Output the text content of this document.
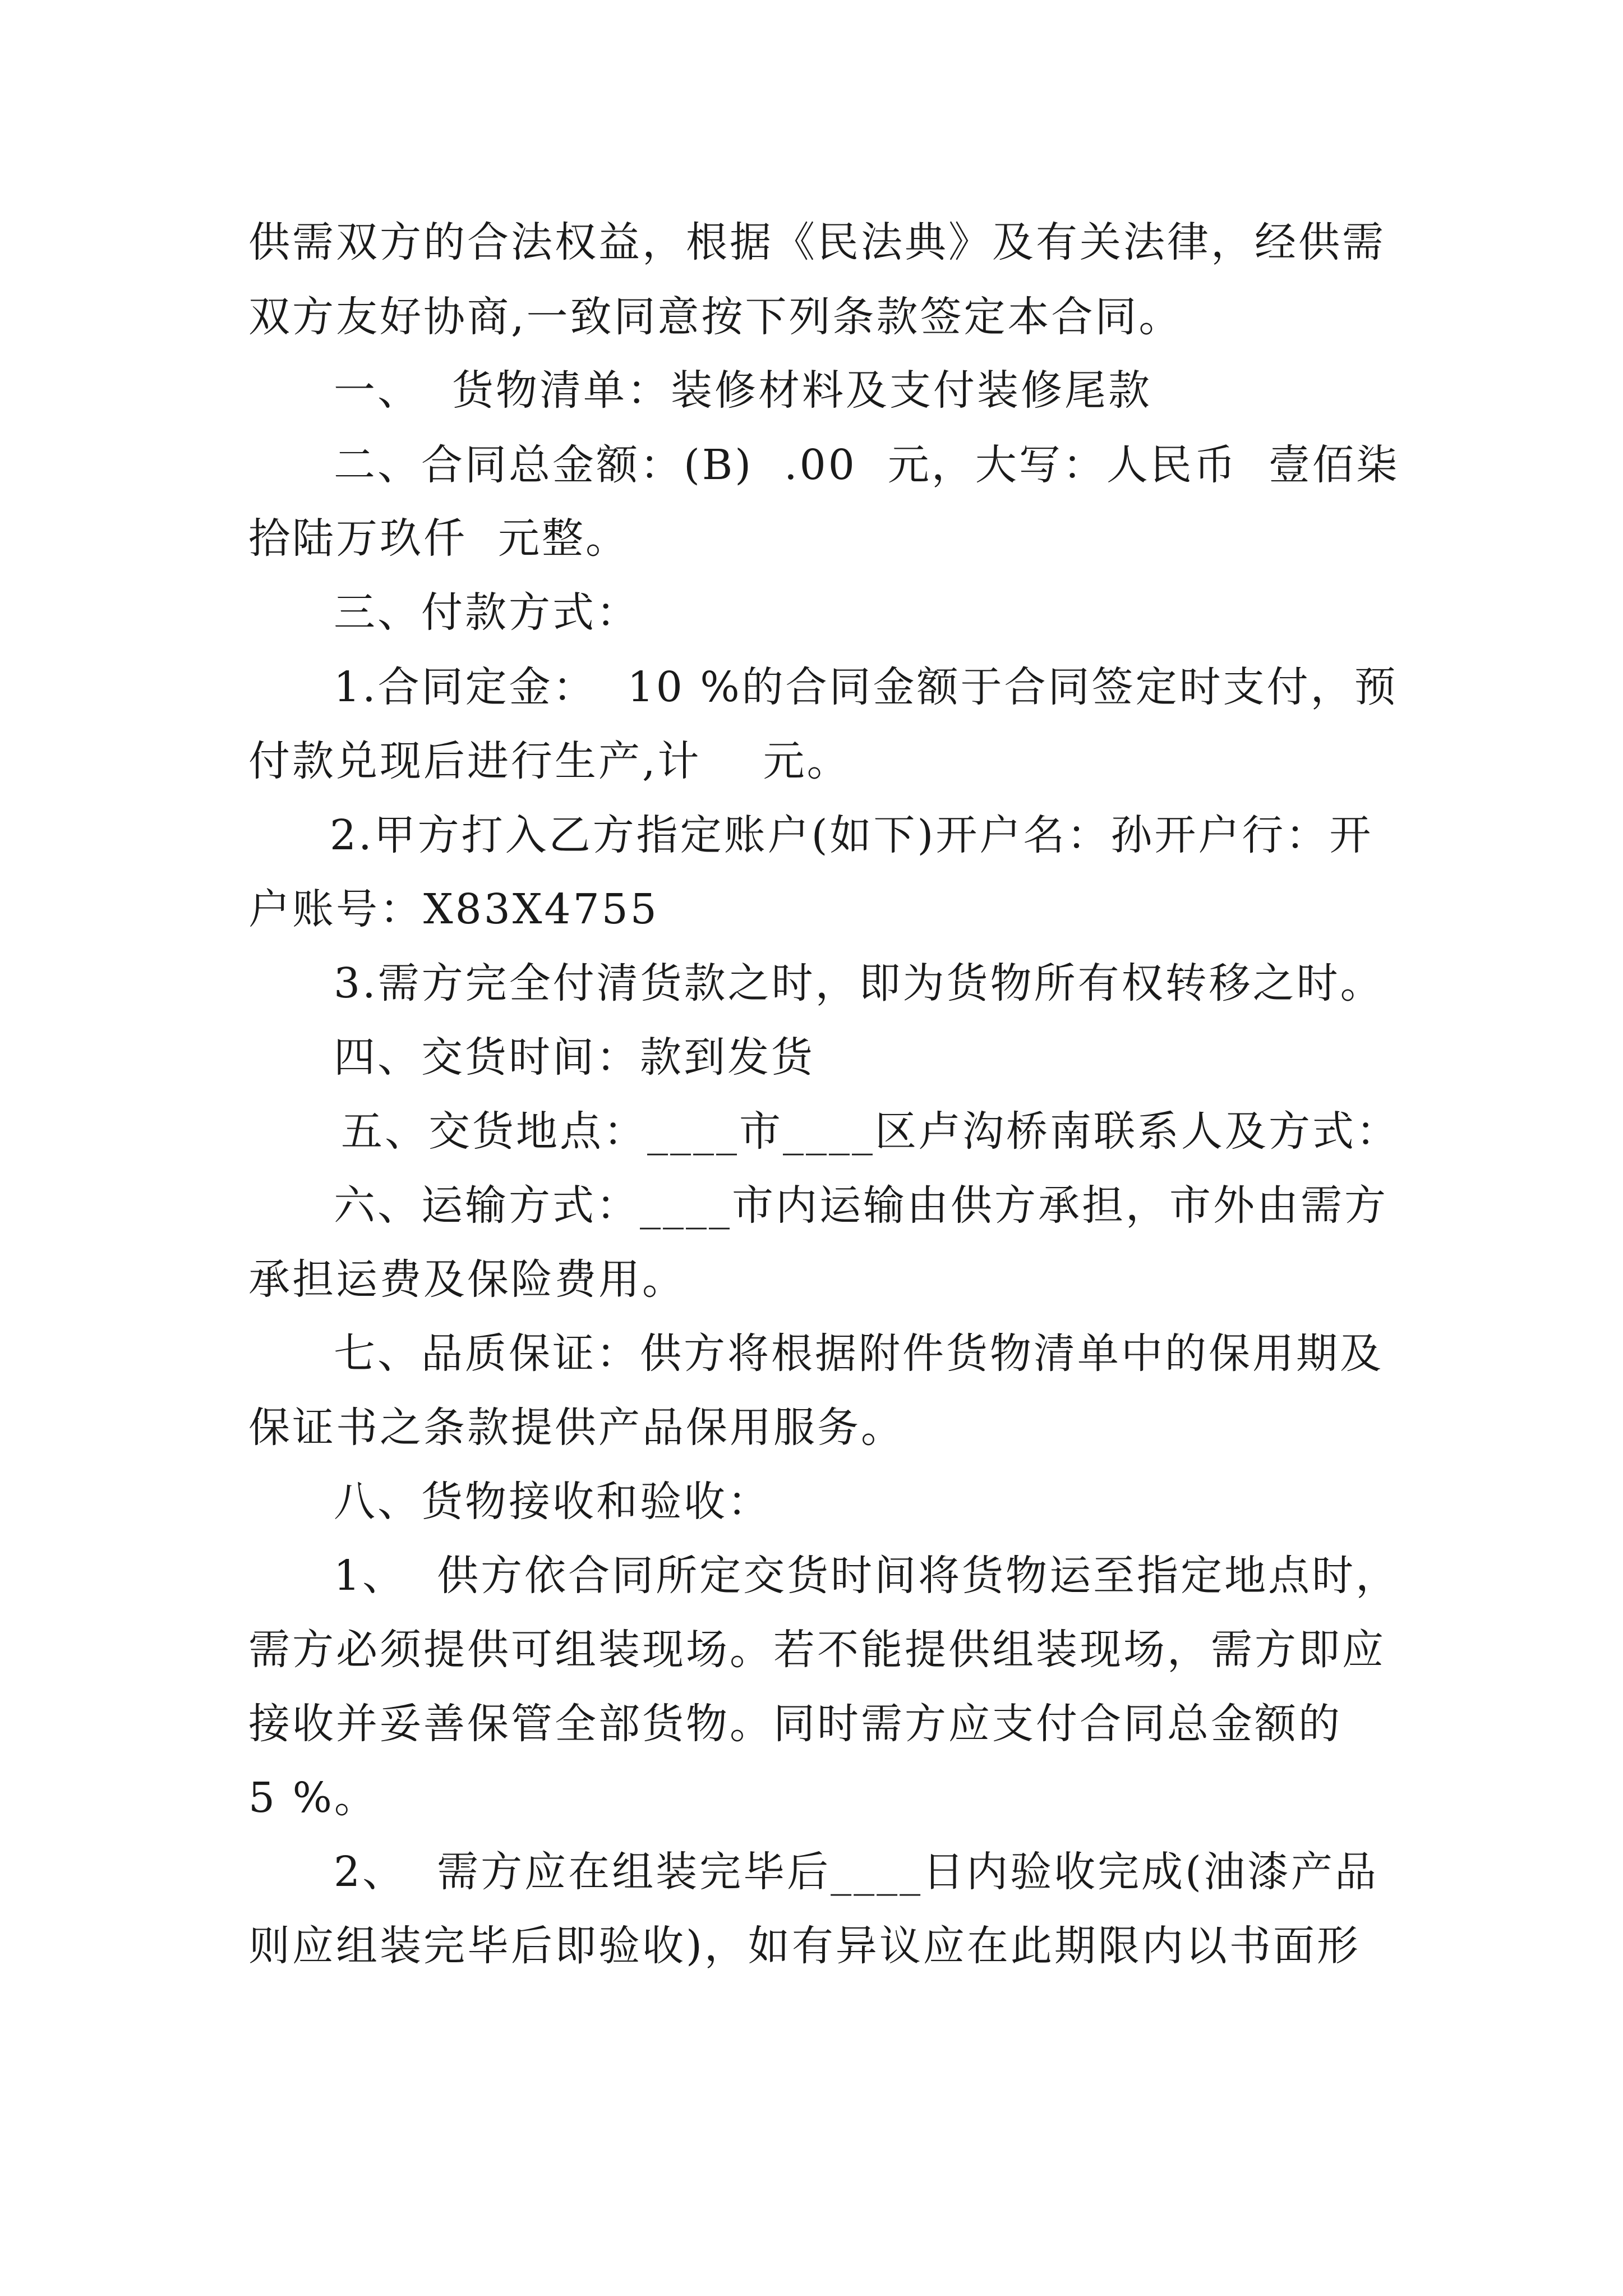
供需双方的合法权益，根据《民法典》及有关法律，经供需
双方友好协商,一致同意按下列条款签定本合同。
一、  货物清单：装修材料及支付装修尾款
二、合同总金额：(B)  .00  元，大写：人民币  壹佰柒
拾陆万玖仟  元整。
三、付款方式：
1.合同定金：  10 %的合同金额于合同签定时支付，预
付款兑现后进行生产,计    元。
2.甲方打入乙方指定账户(如下)开户名：孙开户行：开
户账号：X83X4755
3.需方完全付清货款之时，即为货物所有权转移之时。
四、交货时间：款到发货
五、交货地点：____市____区卢沟桥南联系人及方式：
六、运输方式：____市内运输由供方承担，市外由需方
承担运费及保险费用。
七、品质保证：供方将根据附件货物清单中的保用期及
保证书之条款提供产品保用服务。
八、货物接收和验收：
1、  供方依合同所定交货时间将货物运至指定地点时，
需方必须提供可组装现场。若不能提供组装现场，需方即应
接收并妥善保管全部货物。同时需方应支付合同总金额的
5 %。
2、  需方应在组装完毕后____日内验收完成(油漆产品
则应组装完毕后即验收)，如有异议应在此期限内以书面形
